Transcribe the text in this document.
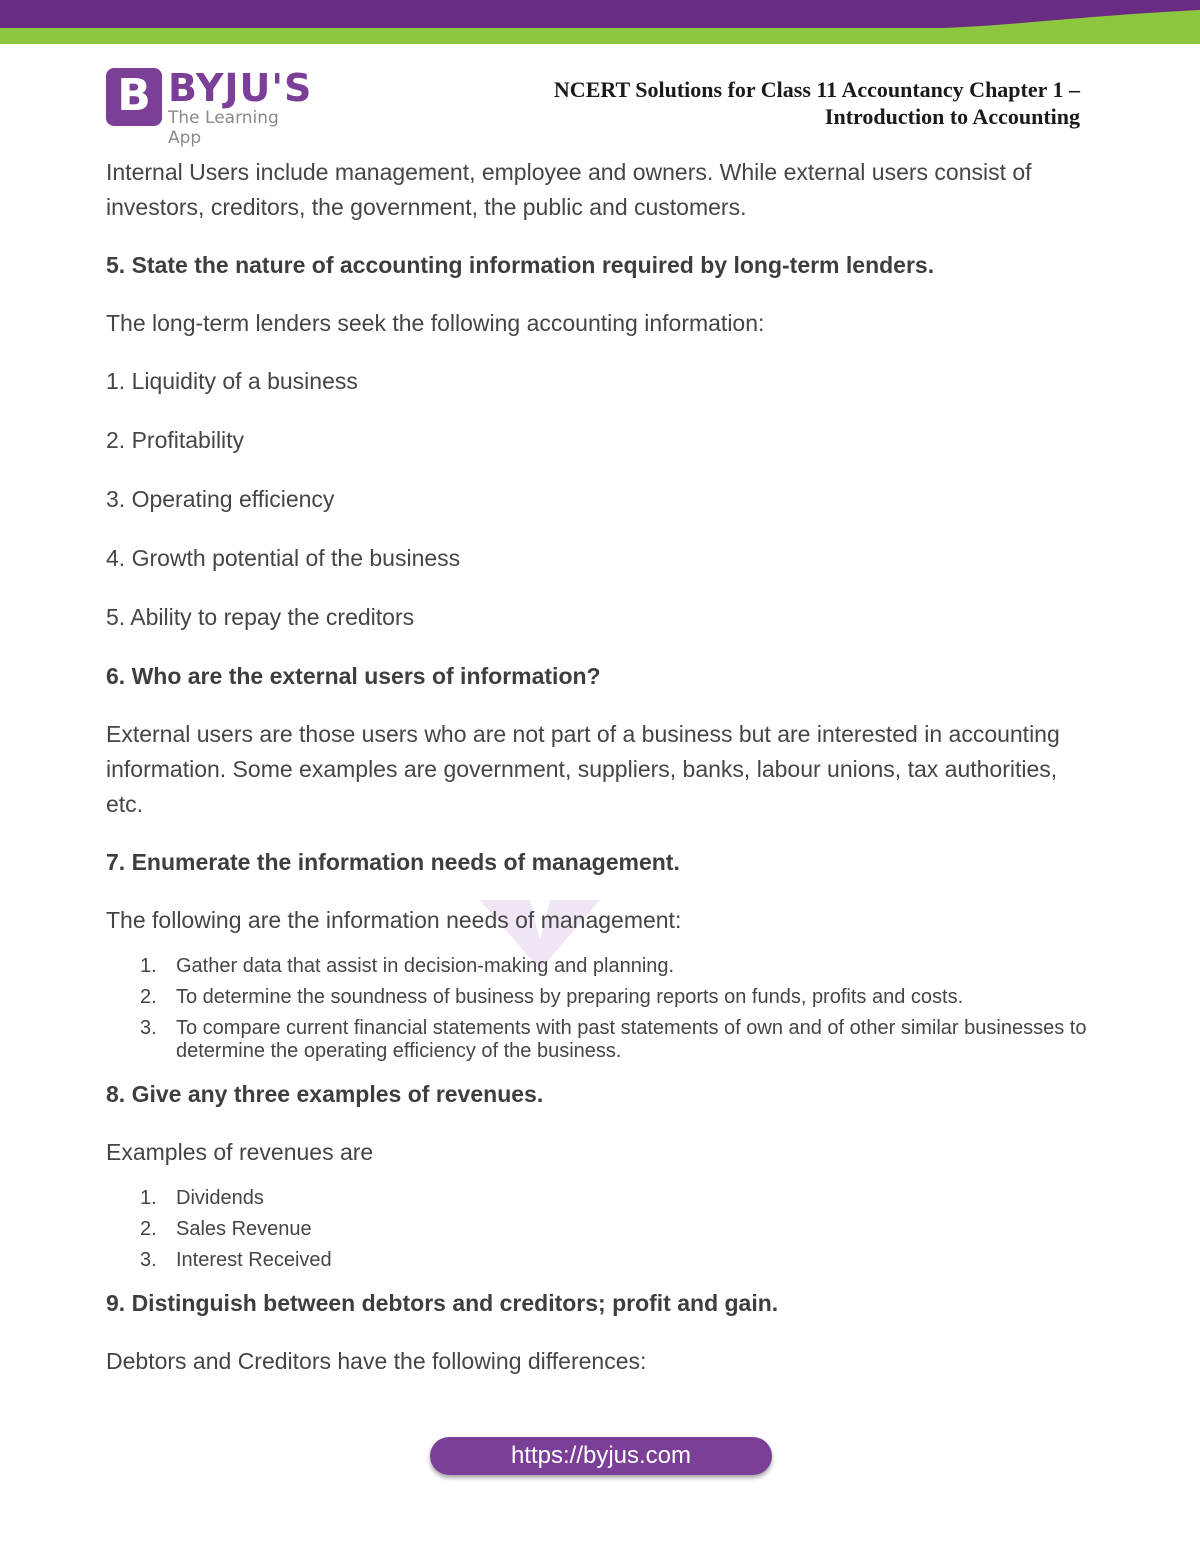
B BYJU'S
The Learning App
NCERT Solutions for Class 11 Accountancy Chapter 1 –
Introduction to Accounting

Internal Users include management, employee and owners. While external users consist of investors, creditors, the government, the public and customers.

5. State the nature of accounting information required by long-term lenders.

The long-term lenders seek the following accounting information:

1. Liquidity of a business

2. Profitability

3. Operating efficiency

4. Growth potential of the business

5. Ability to repay the creditors

6. Who are the external users of information?

External users are those users who are not part of a business but are interested in accounting information. Some examples are government, suppliers, banks, labour unions, tax authorities, etc.

7. Enumerate the information needs of management.

The following are the information needs of management:

1. Gather data that assist in decision-making and planning.
2. To determine the soundness of business by preparing reports on funds, profits and costs.
3. To compare current financial statements with past statements of own and of other similar businesses to determine the operating efficiency of the business.

8. Give any three examples of revenues.

Examples of revenues are

1. Dividends
2. Sales Revenue
3. Interest Received

9. Distinguish between debtors and creditors; profit and gain.

Debtors and Creditors have the following differences:

https://byjus.com
